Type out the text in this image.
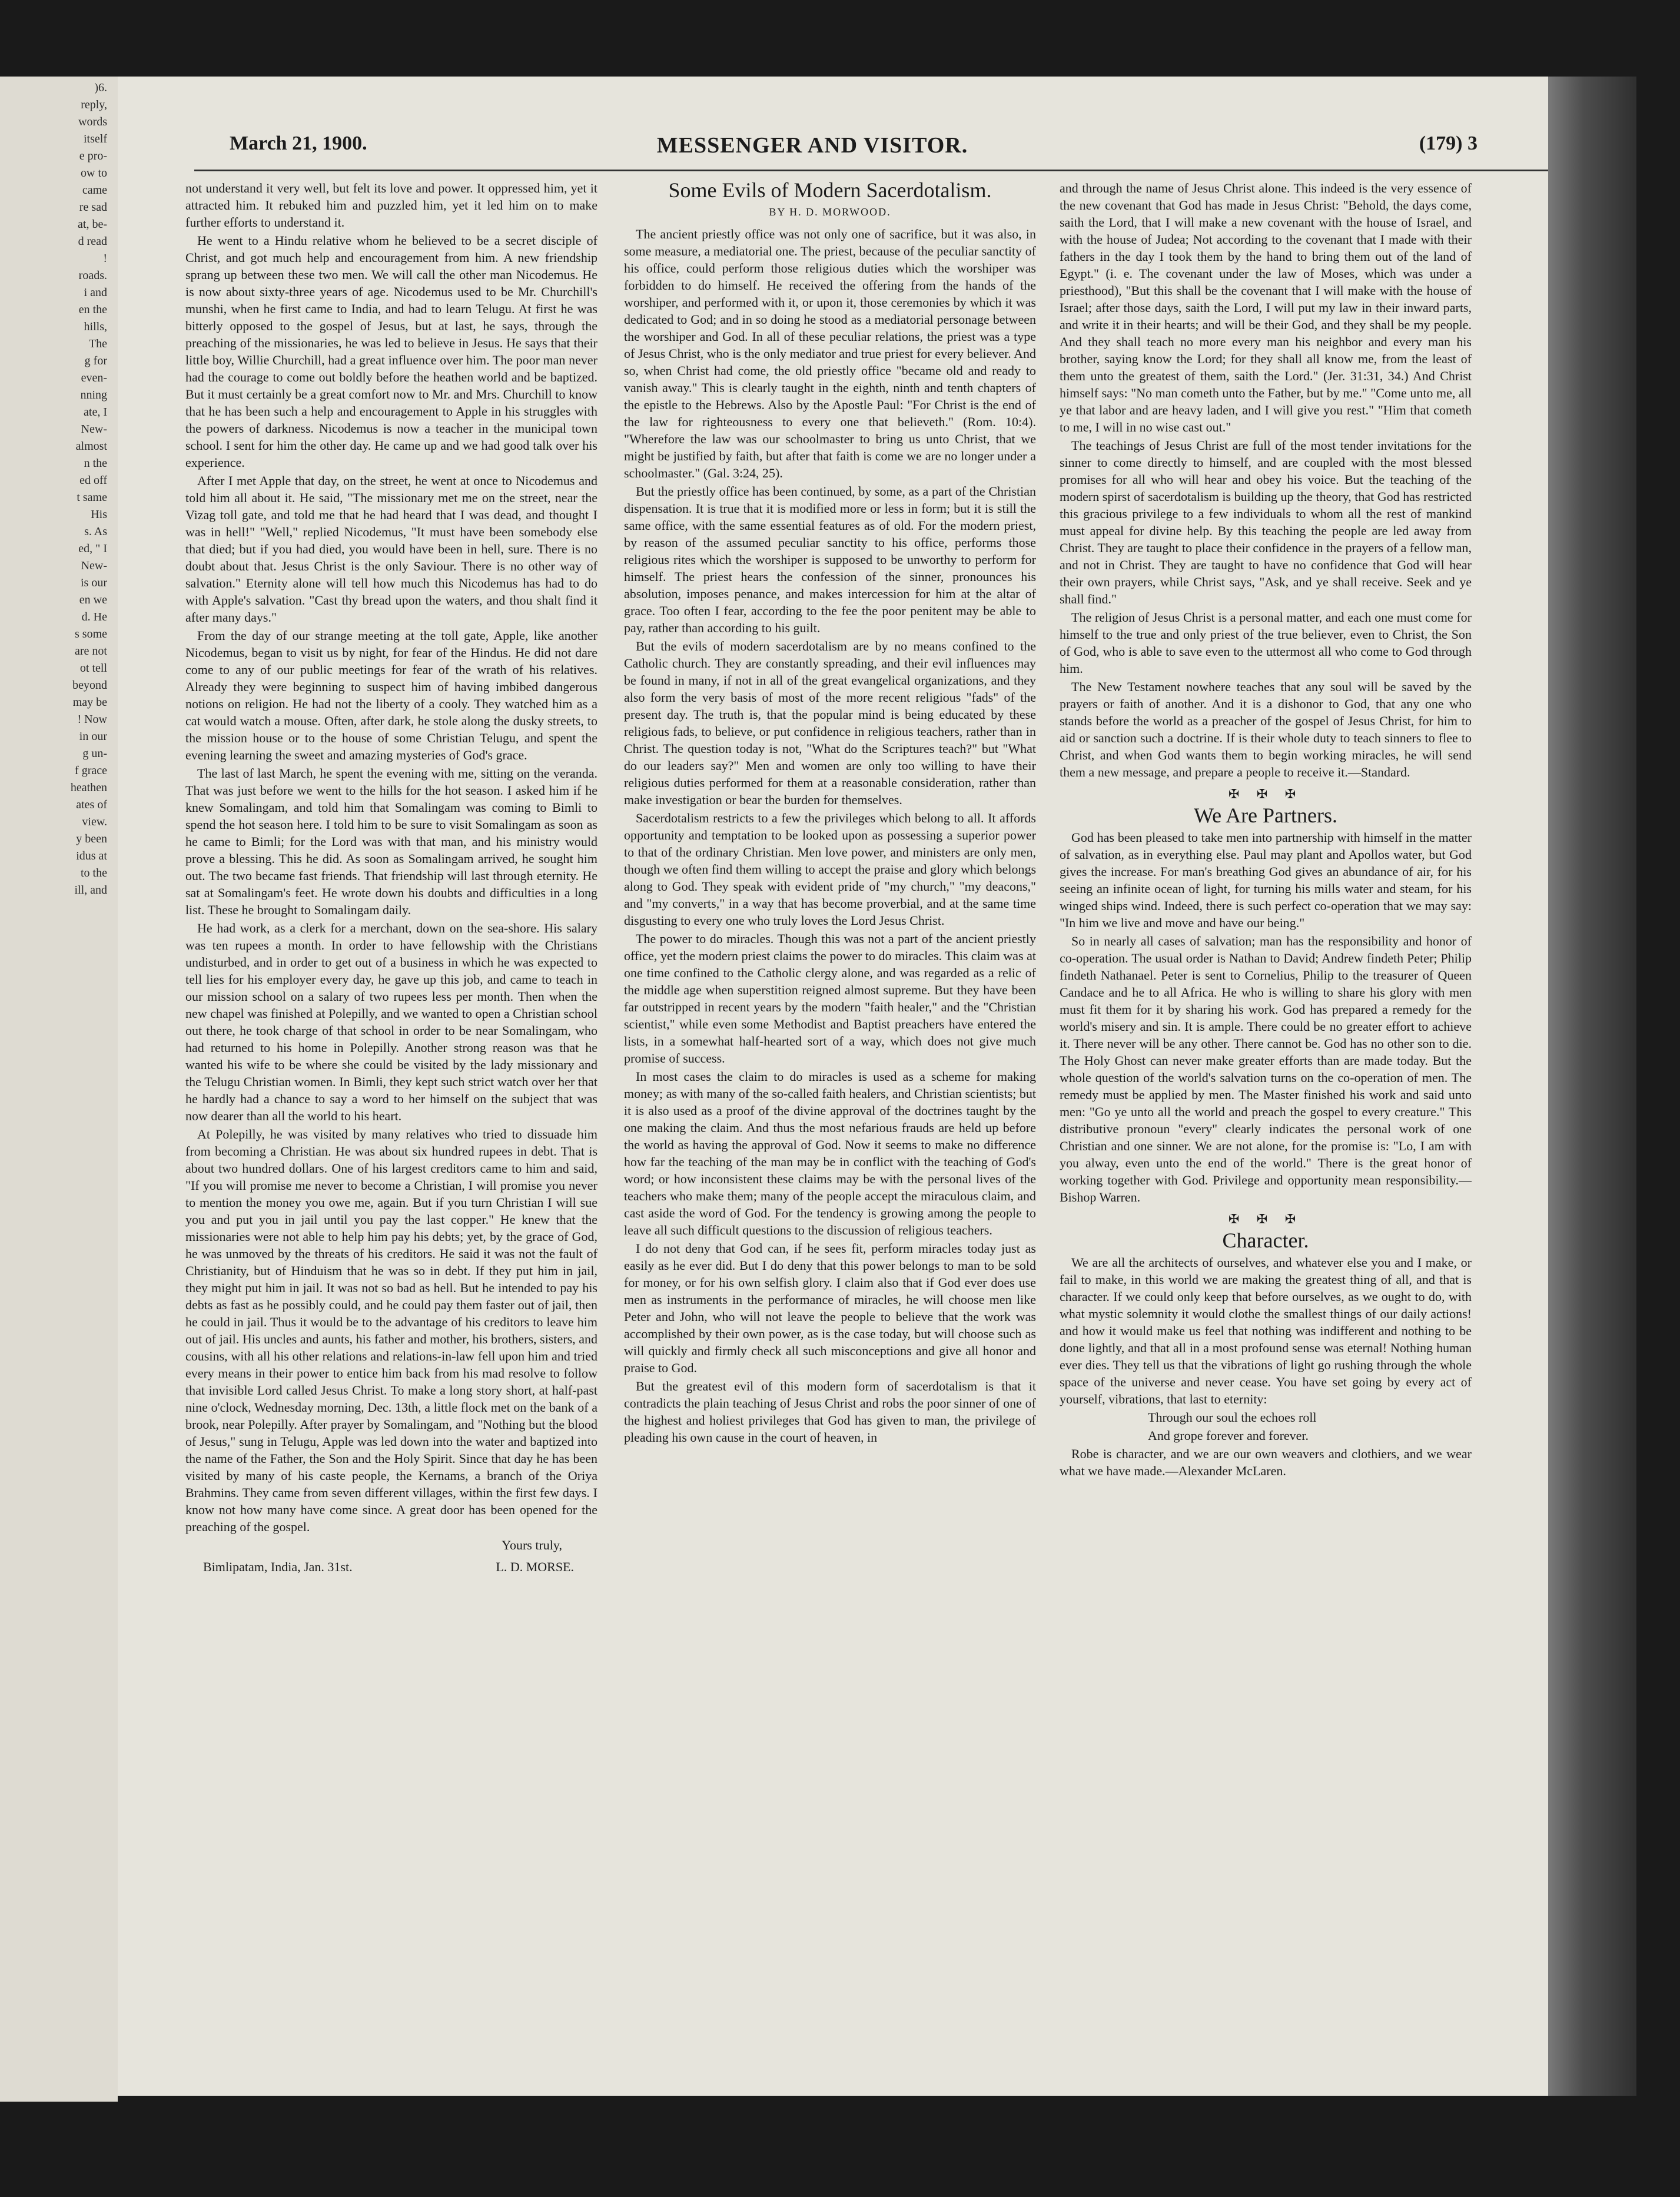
)6.
reply,
words
itself
e pro-
ow to
came
re sad
at, be-
d read
!
roads.
i and
en the
hills,
The
g for
even-
nning
ate, I
New-
almost
n the
ed off
t same
His
s. As
ed, " I
New-
is our
en we
d. He
s some
are not
ot tell
beyond
may be
! Now
in our
g un-
f grace
heathen
ates of
view.
y been
idus at
to the
ill, and
March 21, 1900.	MESSENGER AND VISITOR.	(179) 3

not understand it very well, but felt its love and power. It oppressed him, yet it attracted him. It rebuked him and puzzled him, yet it led him on to make further efforts to understand it.

He went to a Hindu relative whom he believed to be a secret disciple of Christ, and got much help and encouragement from him. A new friendship sprang up between these two men. We will call the other man Nicodemus. He is now about sixty-three years of age. Nicodemus used to be Mr. Churchill's munshi, when he first came to India, and had to learn Telugu. At first he was bitterly opposed to the gospel of Jesus, but at last, he says, through the preaching of the missionaries, he was led to believe in Jesus. He says that their little boy, Willie Churchill, had a great influence over him. The poor man never had the courage to come out boldly before the heathen world and be baptized. But it must certainly be a great comfort now to Mr. and Mrs. Churchill to know that he has been such a help and encouragement to Apple in his struggles with the powers of darkness. Nicodemus is now a teacher in the municipal town school. I sent for him the other day. He came up and we had good talk over his experience.

After I met Apple that day, on the street, he went at once to Nicodemus and told him all about it. He said, "The missionary met me on the street, near the Vizag toll gate, and told me that he had heard that I was dead, and thought I was in hell!" "Well," replied Nicodemus, "It must have been somebody else that died; but if you had died, you would have been in hell, sure. There is no doubt about that. Jesus Christ is the only Saviour. There is no other way of salvation." Eternity alone will tell how much this Nicodemus has had to do with Apple's salvation. "Cast thy bread upon the waters, and thou shalt find it after many days."

From the day of our strange meeting at the toll gate, Apple, like another Nicodemus, began to visit us by night, for fear of the Hindus. He did not dare come to any of our public meetings for fear of the wrath of his relatives. Already they were beginning to suspect him of having imbibed dangerous notions on religion. He had not the liberty of a cooly. They watched him as a cat would watch a mouse. Often, after dark, he stole along the dusky streets, to the mission house or to the house of some Christian Telugu, and spent the evening learning the sweet and amazing mysteries of God's grace.

The last of last March, he spent the evening with me, sitting on the veranda. That was just before we went to the hills for the hot season. I asked him if he knew Somalingam, and told him that Somalingam was coming to Bimli to spend the hot season here. I told him to be sure to visit Somalingam as soon as he came to Bimli; for the Lord was with that man, and his ministry would prove a blessing. This he did. As soon as Somalingam arrived, he sought him out. The two became fast friends. That friendship will last through eternity. He sat at Somalingam's feet. He wrote down his doubts and difficulties in a long list. These he brought to Somalingam daily.

He had work, as a clerk for a merchant, down on the sea-shore. His salary was ten rupees a month. In order to have fellowship with the Christians undisturbed, and in order to get out of a business in which he was expected to tell lies for his employer every day, he gave up this job, and came to teach in our mission school on a salary of two rupees less per month. Then when the new chapel was finished at Polepilly, and we wanted to open a Christian school out there, he took charge of that school in order to be near Somalingam, who had returned to his home in Polepilly. Another strong reason was that he wanted his wife to be where she could be visited by the lady missionary and the Telugu Christian women. In Bimli, they kept such strict watch over her that he hardly had a chance to say a word to her himself on the subject that was now dearer than all the world to his heart.

At Polepilly, he was visited by many relatives who tried to dissuade him from becoming a Christian. He was about six hundred rupees in debt. That is about two hundred dollars. One of his largest creditors came to him and said, "If you will promise me never to become a Christian, I will promise you never to mention the money you owe me, again. But if you turn Christian I will sue you and put you in jail until you pay the last copper." He knew that the missionaries were not able to help him pay his debts; yet, by the grace of God, he was unmoved by the threats of his creditors. He said it was not the fault of Christianity, but of Hinduism that he was so in debt. If they put him in jail, they might put him in jail. It was not so bad as hell. But he intended to pay his debts as fast as he possibly could, and he could pay them faster out of jail, then he could in jail. Thus it would be to the advantage of his creditors to leave him out of jail. His uncles and aunts, his father and mother, his brothers, sisters, and cousins, with all his other relations and relations-in-law fell upon him and tried every means in their power to entice him back from his mad resolve to follow that invisible Lord called Jesus Christ. To make a long story short, at half-past nine o'clock, Wednesday morning, Dec. 13th, a little flock met on the bank of a brook, near Polepilly. After prayer by Somalingam, and "Nothing but the blood of Jesus," sung in Telugu, Apple was led down into the water and baptized into the name of the Father, the Son and the Holy Spirit. Since that day he has been visited by many of his caste people, the Kernams, a branch of the Oriya Brahmins. They came from seven different villages, within the first few days. I know not how many have come since. A great door has been opened for the preaching of the gospel.

Yours truly,

Bimlipatam, India, Jan. 31st.	L. D. MORSE.
Some Evils of Modern Sacerdotalism.
BY H. D. MORWOOD.

The ancient priestly office was not only one of sacrifice, but it was also, in some measure, a mediatorial one. The priest, because of the peculiar sanctity of his office, could perform those religious duties which the worshiper was forbidden to do himself. He received the offering from the hands of the worshiper, and performed with it, or upon it, those ceremonies by which it was dedicated to God; and in so doing he stood as a mediatorial personage between the worshiper and God. In all of these peculiar relations, the priest was a type of Jesus Christ, who is the only mediator and true priest for every believer. And so, when Christ had come, the old priestly office "became old and ready to vanish away." This is clearly taught in the eighth, ninth and tenth chapters of the epistle to the Hebrews. Also by the Apostle Paul: "For Christ is the end of the law for righteousness to every one that believeth." (Rom. 10:4). "Wherefore the law was our schoolmaster to bring us unto Christ, that we might be justified by faith, but after that faith is come we are no longer under a schoolmaster." (Gal. 3:24, 25).

But the priestly office has been continued, by some, as a part of the Christian dispensation. It is true that it is modified more or less in form; but it is still the same office, with the same essential features as of old. For the modern priest, by reason of the assumed peculiar sanctity to his office, performs those religious rites which the worshiper is supposed to be unworthy to perform for himself. The priest hears the confession of the sinner, pronounces his absolution, imposes penance, and makes intercession for him at the altar of grace. Too often I fear, according to the fee the poor penitent may be able to pay, rather than according to his guilt.

But the evils of modern sacerdotalism are by no means confined to the Catholic church. They are constantly spreading, and their evil influences may be found in many, if not in all of the great evangelical organizations, and they also form the very basis of most of the more recent religious "fads" of the present day. The truth is, that the popular mind is being educated by these religious fads, to believe, or put confidence in religious teachers, rather than in Christ. The question today is not, "What do the Scriptures teach?" but "What do our leaders say?" Men and women are only too willing to have their religious duties performed for them at a reasonable consideration, rather than make investigation or bear the burden for themselves.

Sacerdotalism restricts to a few the privileges which belong to all. It affords opportunity and temptation to be looked upon as possessing a superior power to that of the ordinary Christian. Men love power, and ministers are only men, though we often find them willing to accept the praise and glory which belongs along to God. They speak with evident pride of "my church," "my deacons," and "my converts," in a way that has become proverbial, and at the same time disgusting to every one who truly loves the Lord Jesus Christ.

The power to do miracles. Though this was not a part of the ancient priestly office, yet the modern priest claims the power to do miracles. This claim was at one time confined to the Catholic clergy alone, and was regarded as a relic of the middle age when superstition reigned almost supreme. But they have been far outstripped in recent years by the modern "faith healer," and the "Christian scientist," while even some Methodist and Baptist preachers have entered the lists, in a somewhat half-hearted sort of a way, which does not give much promise of success.

In most cases the claim to do miracles is used as a scheme for making money; as with many of the so-called faith healers, and Christian scientists; but it is also used as a proof of the divine approval of the doctrines taught by the one making the claim. And thus the most nefarious frauds are held up before the world as having the approval of God. Now it seems to make no difference how far the teaching of the man may be in conflict with the teaching of God's word; or how inconsistent these claims may be with the personal lives of the teachers who make them; many of the people accept the miraculous claim, and cast aside the word of God. For the tendency is growing among the people to leave all such difficult questions to the discussion of religious teachers.

I do not deny that God can, if he sees fit, perform miracles today just as easily as he ever did. But I do deny that this power belongs to man to be sold for money, or for his own selfish glory. I claim also that if God ever does use men as instruments in the performance of miracles, he will choose men like Peter and John, who will not leave the people to believe that the work was accomplished by their own power, as is the case today, but will choose such as will quickly and firmly check all such misconceptions and give all honor and praise to God.

But the greatest evil of this modern form of sacerdotalism is that it contradicts the plain teaching of Jesus Christ and robs the poor sinner of one of the highest and holiest privileges that God has given to man, the privilege of pleading his own cause in the court of heaven, in

and through the name of Jesus Christ alone. This indeed is the very essence of the new covenant that God has made in Jesus Christ: "Behold, the days come, saith the Lord, that I will make a new covenant with the house of Israel, and with the house of Judea; Not according to the covenant that I made with their fathers in the day I took them by the hand to bring them out of the land of Egypt." (i. e. The covenant under the law of Moses, which was under a priesthood), "But this shall be the covenant that I will make with the house of Israel; after those days, saith the Lord, I will put my law in their inward parts, and write it in their hearts; and will be their God, and they shall be my people. And they shall teach no more every man his neighbor and every man his brother, saying know the Lord; for they shall all know me, from the least of them unto the greatest of them, saith the Lord." (Jer. 31:31, 34.) And Christ himself says: "No man cometh unto the Father, but by me." "Come unto me, all ye that labor and are heavy laden, and I will give you rest." "Him that cometh to me, I will in no wise cast out."

The teachings of Jesus Christ are full of the most tender invitations for the sinner to come directly to himself, and are coupled with the most blessed promises for all who will hear and obey his voice. But the teaching of the modern spirst of sacerdotalism is building up the theory, that God has restricted this gracious privilege to a few individuals to whom all the rest of mankind must appeal for divine help. By this teaching the people are led away from Christ. They are taught to place their confidence in the prayers of a fellow man, and not in Christ. They are taught to have no confidence that God will hear their own prayers, while Christ says, "Ask, and ye shall receive. Seek and ye shall find."

The religion of Jesus Christ is a personal matter, and each one must come for himself to the true and only priest of the true believer, even to Christ, the Son of God, who is able to save even to the uttermost all who come to God through him.

The New Testament nowhere teaches that any soul will be saved by the prayers or faith of another. And it is a dishonor to God, that any one who stands before the world as a preacher of the gospel of Jesus Christ, for him to aid or sanction such a doctrine. If is their whole duty to teach sinners to flee to Christ, and when God wants them to begin working miracles, he will send them a new message, and prepare a people to receive it.—Standard.

✠ ✠ ✠
We Are Partners.

God has been pleased to take men into partnership with himself in the matter of salvation, as in everything else. Paul may plant and Apollos water, but God gives the increase. For man's breathing God gives an abundance of air, for his seeing an infinite ocean of light, for turning his mills water and steam, for his winged ships wind. Indeed, there is such perfect co-operation that we may say: "In him we live and move and have our being."

So in nearly all cases of salvation; man has the responsibility and honor of co-operation. The usual order is Nathan to David; Andrew findeth Peter; Philip findeth Nathanael. Peter is sent to Cornelius, Philip to the treasurer of Queen Candace and he to all Africa. He who is willing to share his glory with men must fit them for it by sharing his work. God has prepared a remedy for the world's misery and sin. It is ample. There could be no greater effort to achieve it. There never will be any other. There cannot be. God has no other son to die. The Holy Ghost can never make greater efforts than are made today. But the whole question of the world's salvation turns on the co-operation of men. The remedy must be applied by men. The Master finished his work and said unto men: "Go ye unto all the world and preach the gospel to every creature." This distributive pronoun "every" clearly indicates the personal work of one Christian and one sinner. We are not alone, for the promise is: "Lo, I am with you alway, even unto the end of the world." There is the great honor of working together with God. Privilege and opportunity mean responsibility.—Bishop Warren.

✠ ✠ ✠
Character.

We are all the architects of ourselves, and whatever else you and I make, or fail to make, in this world we are making the greatest thing of all, and that is character. If we could only keep that before ourselves, as we ought to do, with what mystic solemnity it would clothe the smallest things of our daily actions! and how it would make us feel that nothing was indifferent and nothing to be done lightly, and that all in a most profound sense was eternal! Nothing human ever dies. They tell us that the vibrations of light go rushing through the whole space of the universe and never cease. You have set going by every act of yourself, vibrations, that last to eternity:

Through our soul the echoes roll

And grope forever and forever.

Robe is character, and we are our own weavers and clothiers, and we wear what we have made.—Alexander McLaren.
